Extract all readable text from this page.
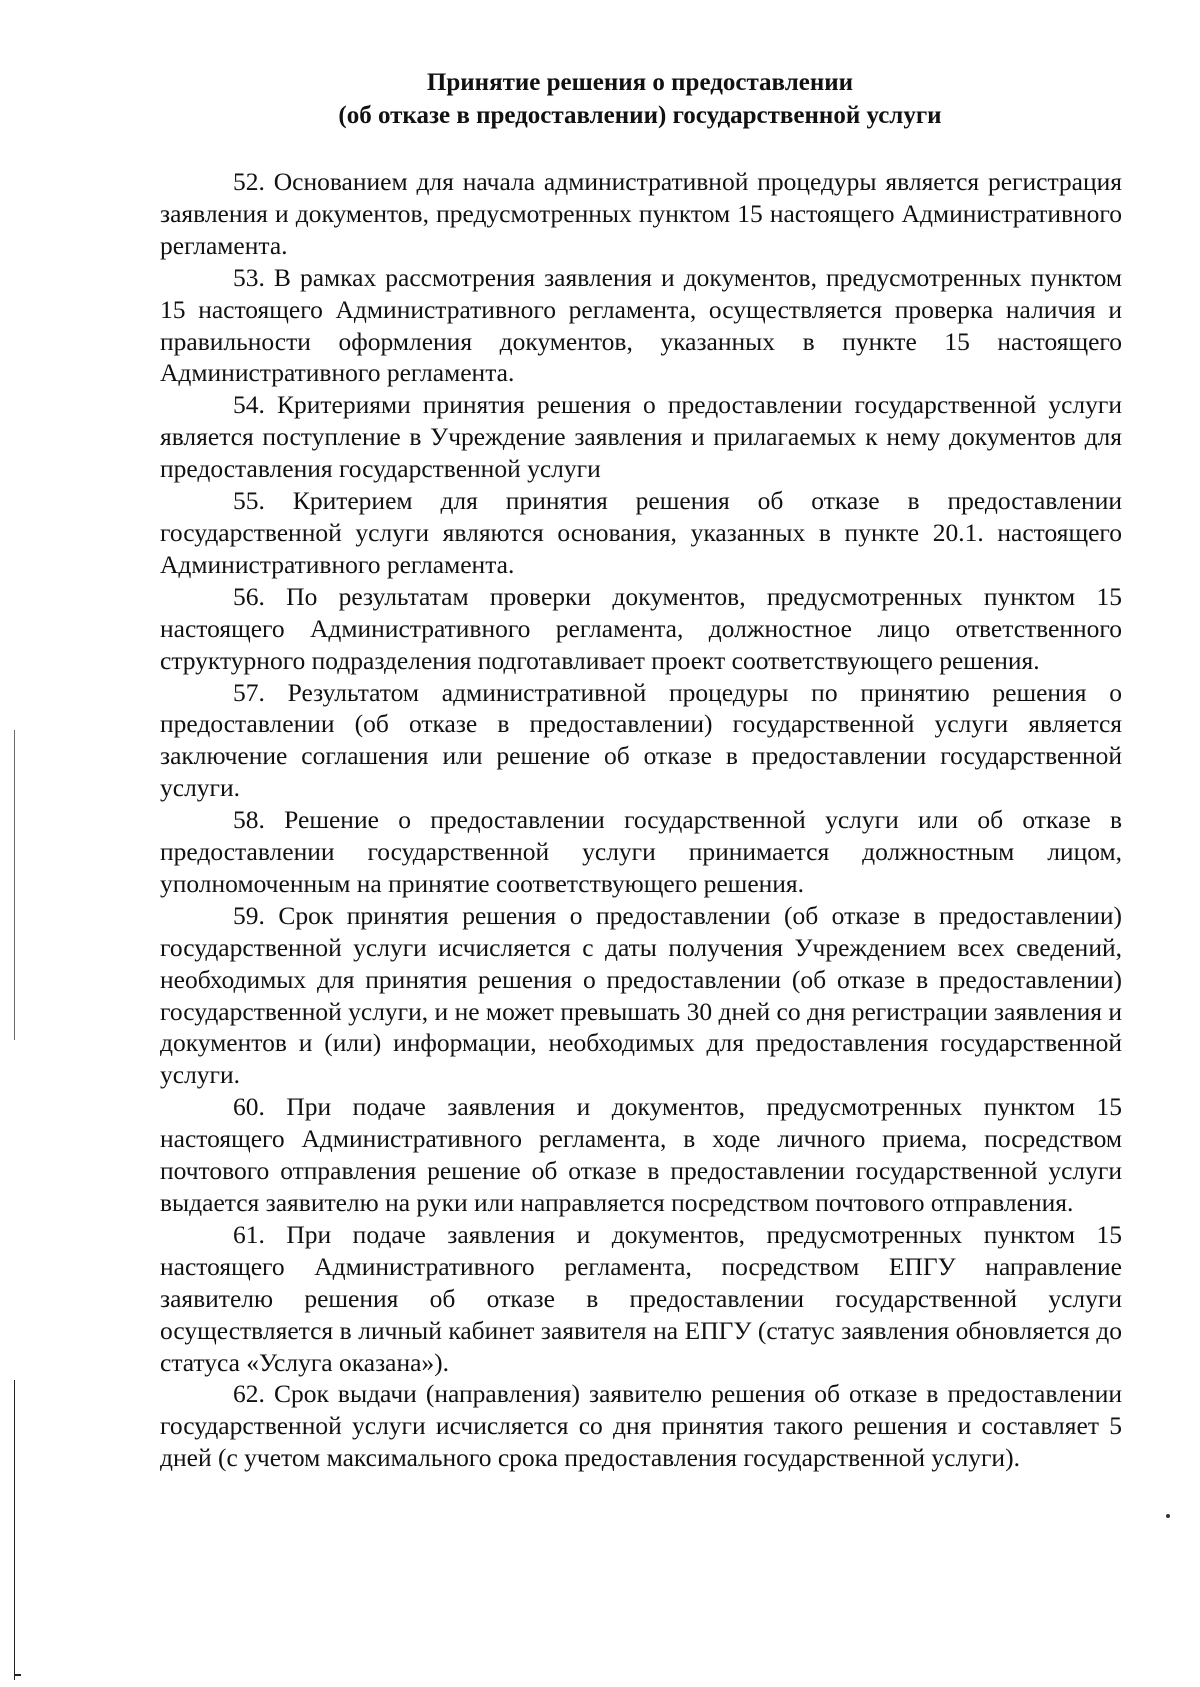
Принятие решения о предоставлении
(об отказе в предоставлении) государственной услуги

52. Основанием для начала административной процедуры является регистрация заявления и документов, предусмотренных пунктом 15 настоящего Административного регламента.

53. В рамках рассмотрения заявления и документов, предусмотренных пунктом 15 настоящего Административного регламента, осуществляется проверка наличия и правильности оформления документов, указанных в пункте 15 настоящего Административного регламента.

54. Критериями принятия решения о предоставлении государственной услуги является поступление в Учреждение заявления и прилагаемых к нему документов для предоставления государственной услуги

55. Критерием для принятия решения об отказе в предоставлении государственной услуги являются основания, указанных в пункте 20.1. настоящего Административного регламента.

56. По результатам проверки документов, предусмотренных пунктом 15 настоящего Административного регламента, должностное лицо ответственного структурного подразделения подготавливает проект соответствующего решения.

57. Результатом административной процедуры по принятию решения о предоставлении (об отказе в предоставлении) государственной услуги является заключение соглашения или решение об отказе в предоставлении государственной услуги.

58. Решение о предоставлении государственной услуги или об отказе в предоставлении государственной услуги принимается должностным лицом, уполномоченным на принятие соответствующего решения.

59. Срок принятия решения о предоставлении (об отказе в предоставлении) государственной услуги исчисляется с даты получения Учреждением всех сведений, необходимых для принятия решения о предоставлении (об отказе в предоставлении) государственной услуги, и не может превышать 30 дней со дня регистрации заявления и документов и (или) информации, необходимых для предоставления государственной услуги.

60. При подаче заявления и документов, предусмотренных пунктом 15 настоящего Административного регламента, в ходе личного приема, посредством почтового отправления решение об отказе в предоставлении государственной услуги выдается заявителю на руки или направляется посредством почтового отправления.

61. При подаче заявления и документов, предусмотренных пунктом 15 настоящего Административного регламента, посредством ЕПГУ направление заявителю решения об отказе в предоставлении государственной услуги осуществляется в личный кабинет заявителя на ЕПГУ (статус заявления обновляется до статуса «Услуга оказана»).

62. Срок выдачи (направления) заявителю решения об отказе в предоставлении государственной услуги исчисляется со дня принятия такого решения и составляет 5 дней (с учетом максимального срока предоставления государственной услуги).
